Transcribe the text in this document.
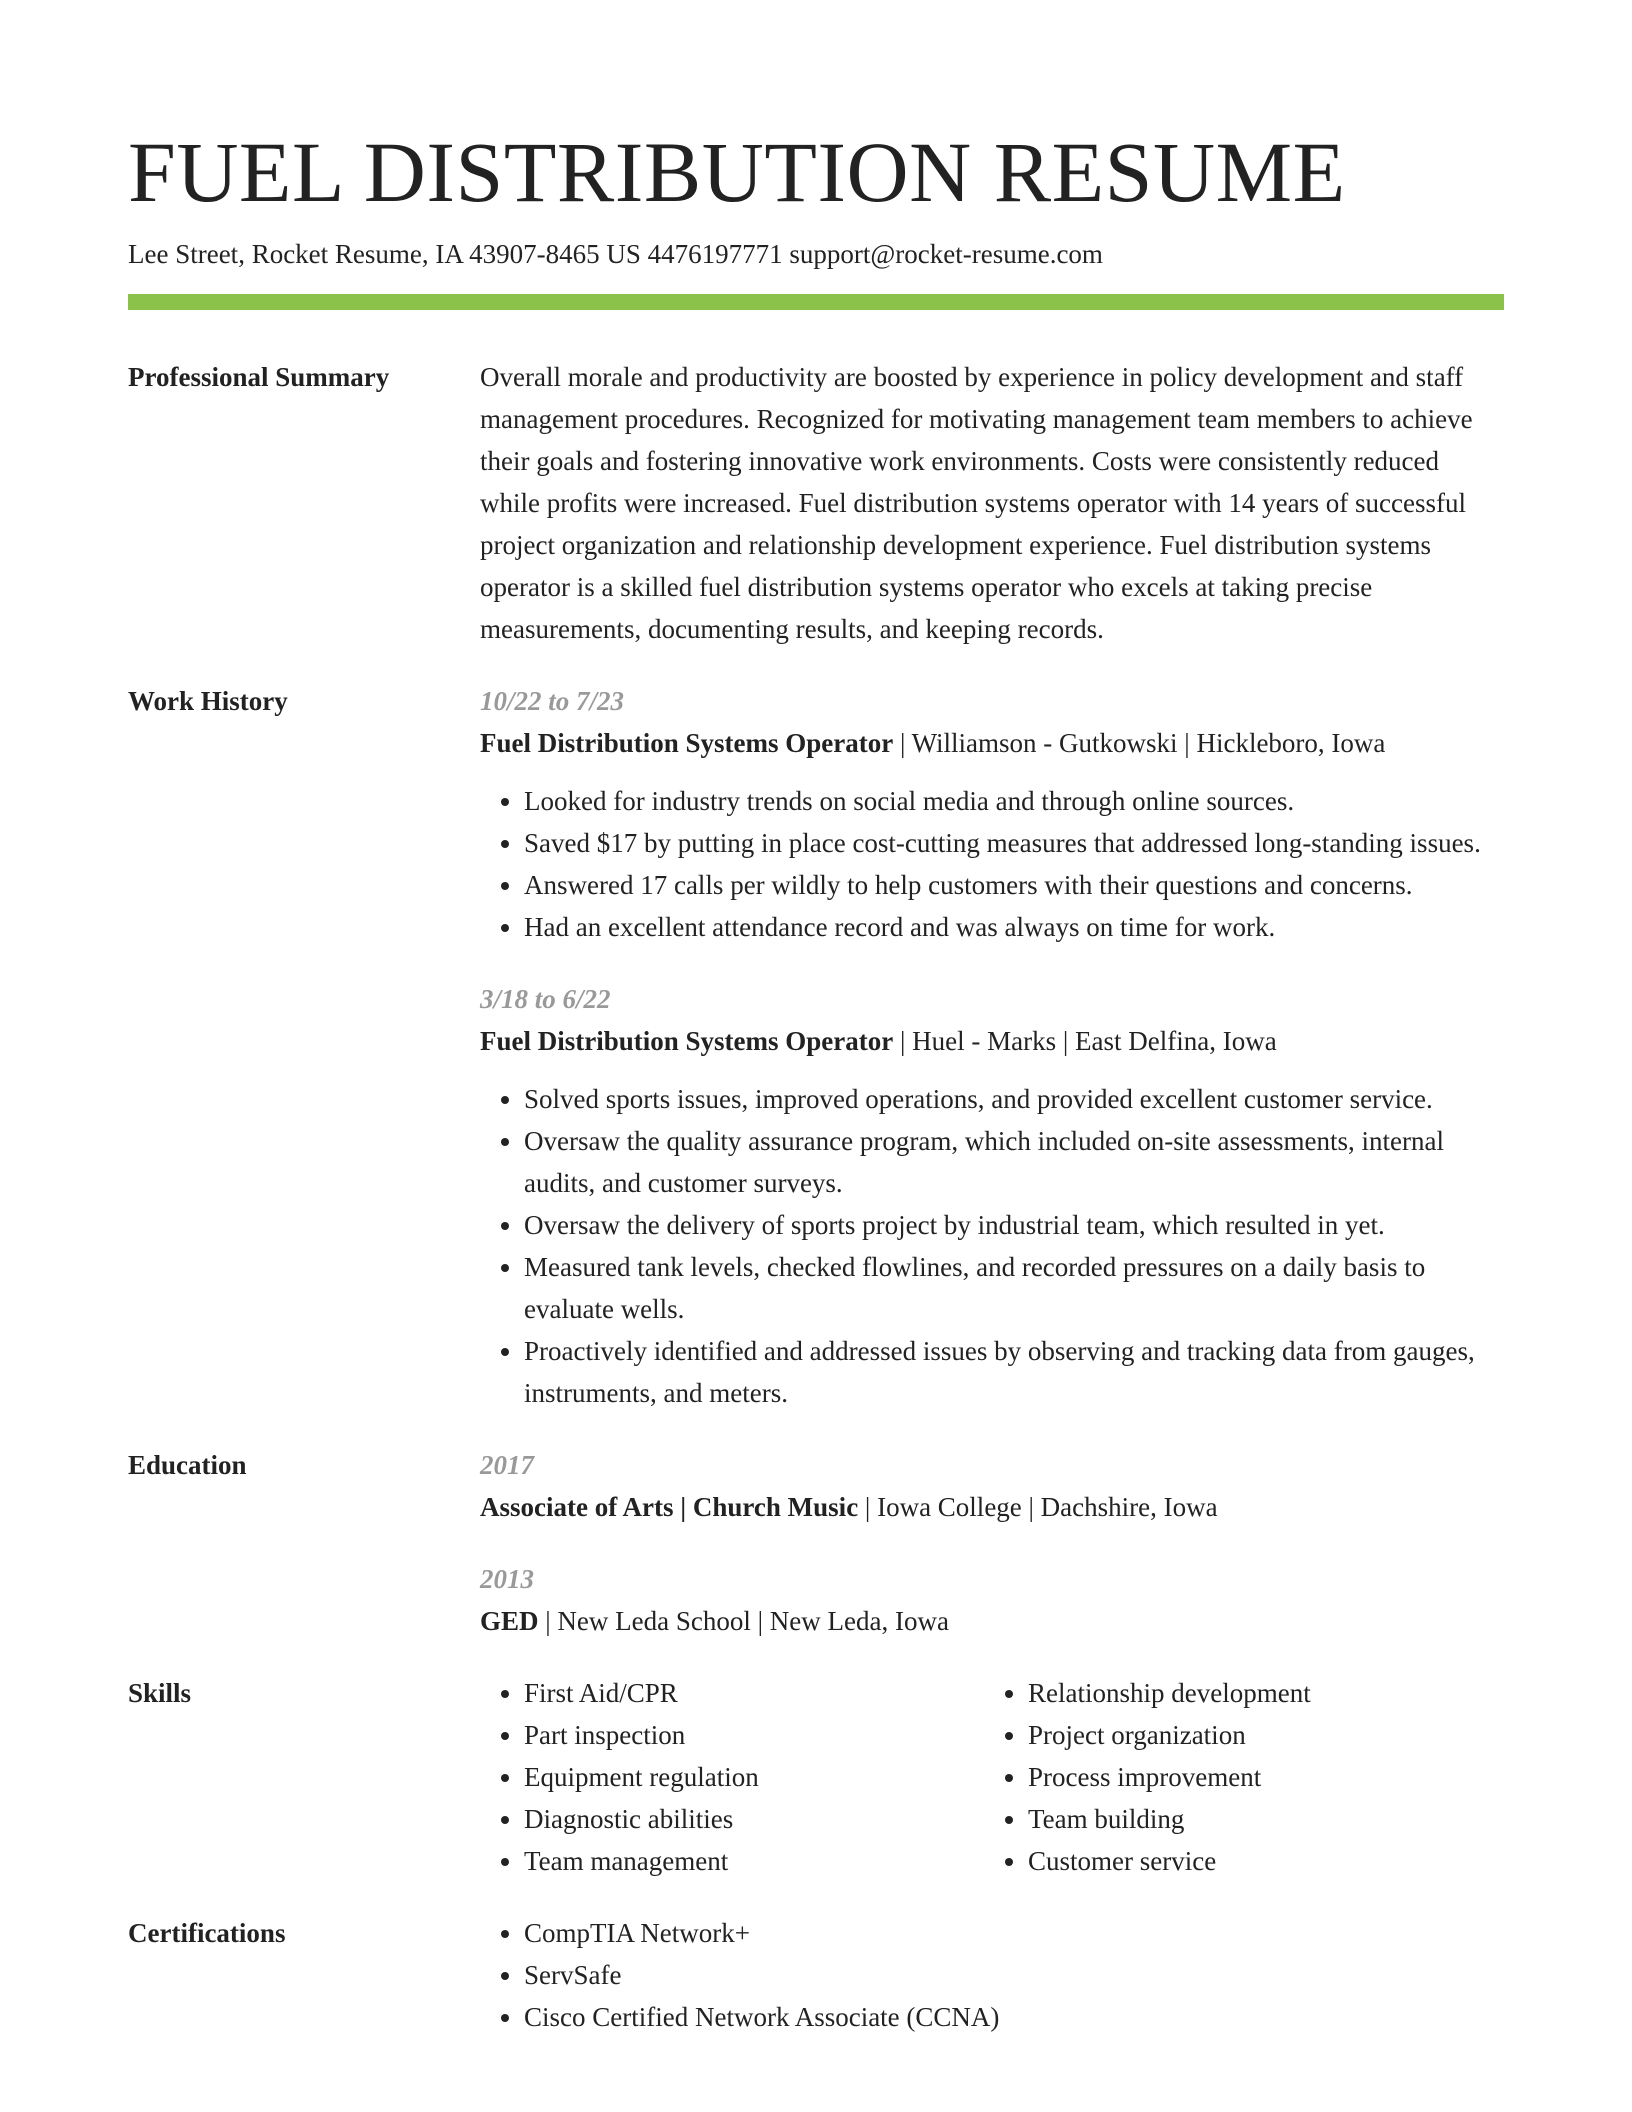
FUEL DISTRIBUTION RESUME
Lee Street, Rocket Resume, IA 43907-8465 US 4476197771 support@rocket-resume.com
Professional Summary	Overall morale and productivity are boosted by experience in policy development and staff management procedures. Recognized for motivating management team members to achieve their goals and fostering innovative work environments. Costs were consistently reduced while profits were increased. Fuel distribution systems operator with 14 years of successful project organization and relationship development experience. Fuel distribution systems operator is a skilled fuel distribution systems operator who excels at taking precise measurements, documenting results, and keeping records.

Work History	10/22 to 7/23
Fuel Distribution Systems Operator | Williamson - Gutkowski | Hickleboro, Iowa
• Looked for industry trends on social media and through online sources.
• Saved $17 by putting in place cost-cutting measures that addressed long-standing issues.
• Answered 17 calls per wildly to help customers with their questions and concerns.
• Had an excellent attendance record and was always on time for work.
3/18 to 6/22
Fuel Distribution Systems Operator | Huel - Marks | East Delfina, Iowa
• Solved sports issues, improved operations, and provided excellent customer service.
• Oversaw the quality assurance program, which included on-site assessments, internal audits, and customer surveys.
• Oversaw the delivery of sports project by industrial team, which resulted in yet.
• Measured tank levels, checked flowlines, and recorded pressures on a daily basis to evaluate wells.
• Proactively identified and addressed issues by observing and tracking data from gauges, instruments, and meters.
Education	2017
Associate of Arts | Church Music | Iowa College | Dachshire, Iowa
2013
GED | New Leda School | New Leda, Iowa
Skills	• First Aid/CPR
• Part inspection
• Equipment regulation
• Diagnostic abilities
• Team management
• Relationship development
• Project organization
• Process improvement
• Team building
• Customer service
Certifications	• CompTIA Network+
• ServSafe
• Cisco Certified Network Associate (CCNA)
